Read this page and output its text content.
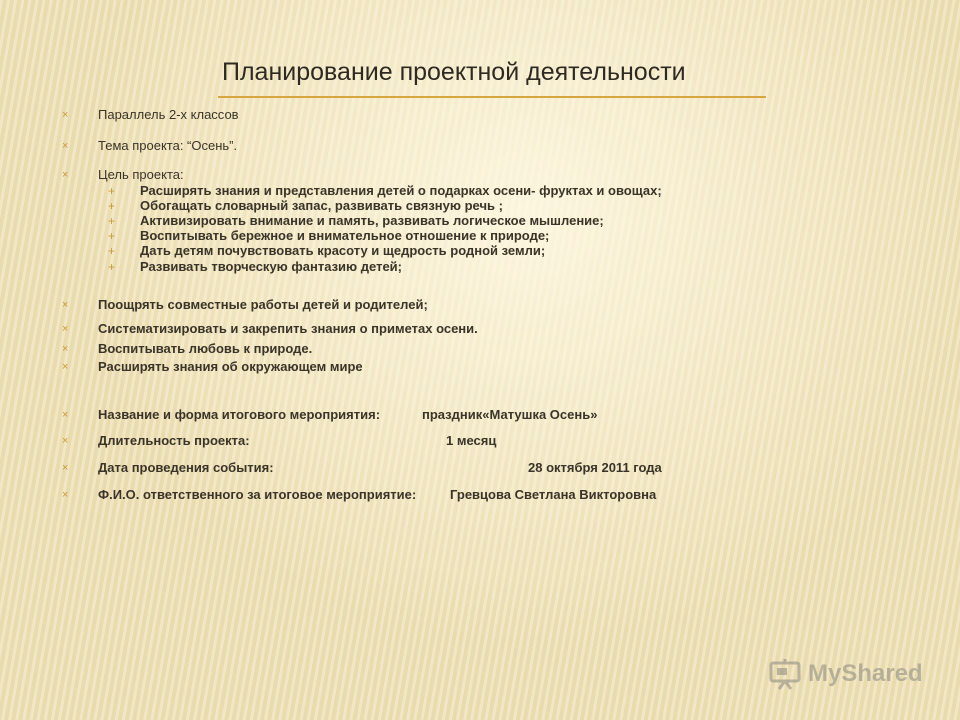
Планирование проектной деятельности
× Параллель 2-х классов
× Тема проекта: “Осень”.
× Цель проекта:
+ Расширять знания и представления детей о подарках осени- фруктах и овощах;
+ Обогащать словарный запас, развивать связную речь ;
+ Активизировать внимание и память, развивать логическое мышление;
+ Воспитывать бережное и внимательное отношение к природе;
+ Дать детям почувствовать красоту и щедрость родной земли;
+ Развивать творческую фантазию детей;
× Поощрять совместные работы детей и родителей;
× Систематизировать и закрепить знания о приметах осени.
× Воспитывать любовь к природе.
× Расширять знания об окружающем мире
× Название и форма итогового мероприятия:	праздник«Матушка Осень»
× Длительность проекта:	1 месяц
× Дата проведения события:	28 октября 2011 года
× Ф.И.О. ответственного за итоговое мероприятие:	Гревцова Светлана Викторовна
MyShared
